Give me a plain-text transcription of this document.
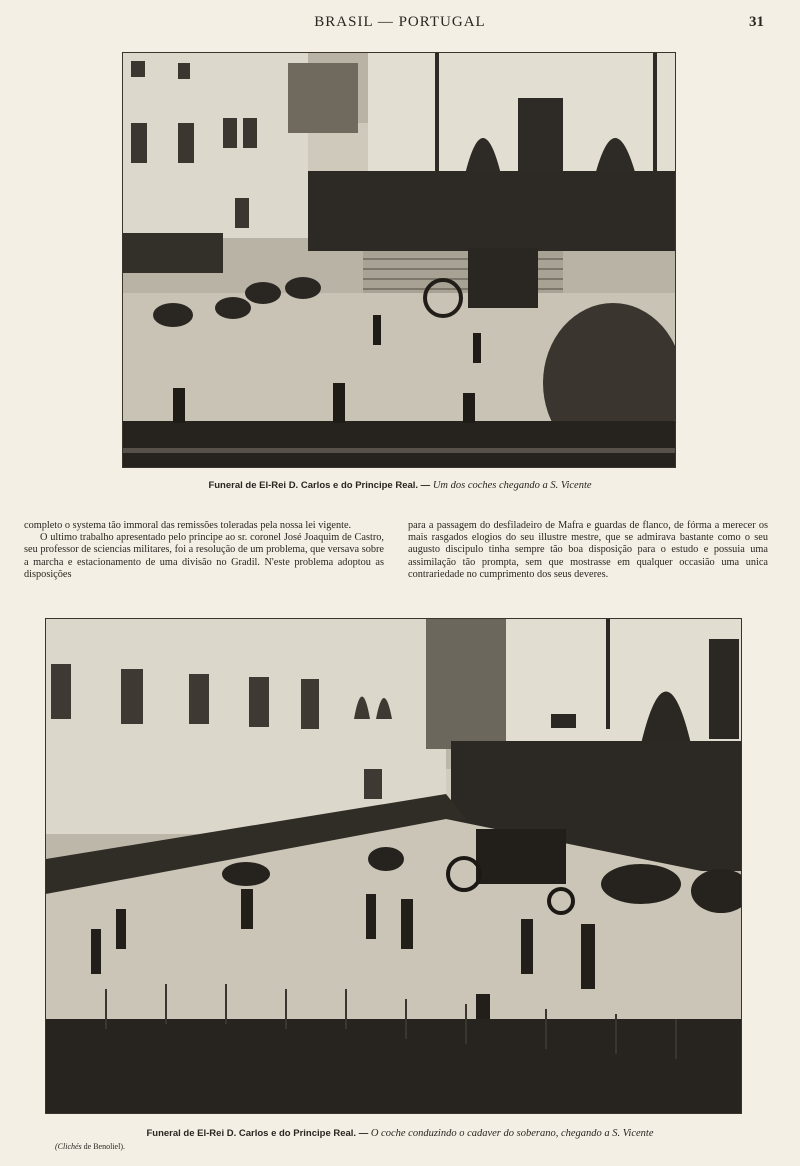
BRASIL — PORTUGAL	31
Funeral de El-Rei D. Carlos e do Principe Real. — Um dos coches chegando a S. Vicente

completo o systema tão immoral das remissões toleradas pela nossa lei vigente.

O ultimo trabalho apresentado pelo principe ao sr. coronel José Joaquim de Castro, seu professor de sciencias militares, foi a resolução de um problema, que versava sobre a marcha e estacionamento de uma divisão no Gradil. N'este problema adoptou as disposições

para a passagem do desfiladeiro de Mafra e guardas de flanco, de fórma a merecer os mais rasgados elogios do seu illustre mestre, que se admirava bastante como o seu augusto discipulo tinha sempre tão boa disposição para o estudo e possuia uma assimilação tão prompta, sem que mostrasse em qualquer occasião uma unica contrariedade no cumprimento dos seus deveres.

Funeral de El-Rei D. Carlos e do Principe Real. — O coche conduzindo o cadaver do soberano, chegando a S. Vicente
(Clichés de Benoliel).
